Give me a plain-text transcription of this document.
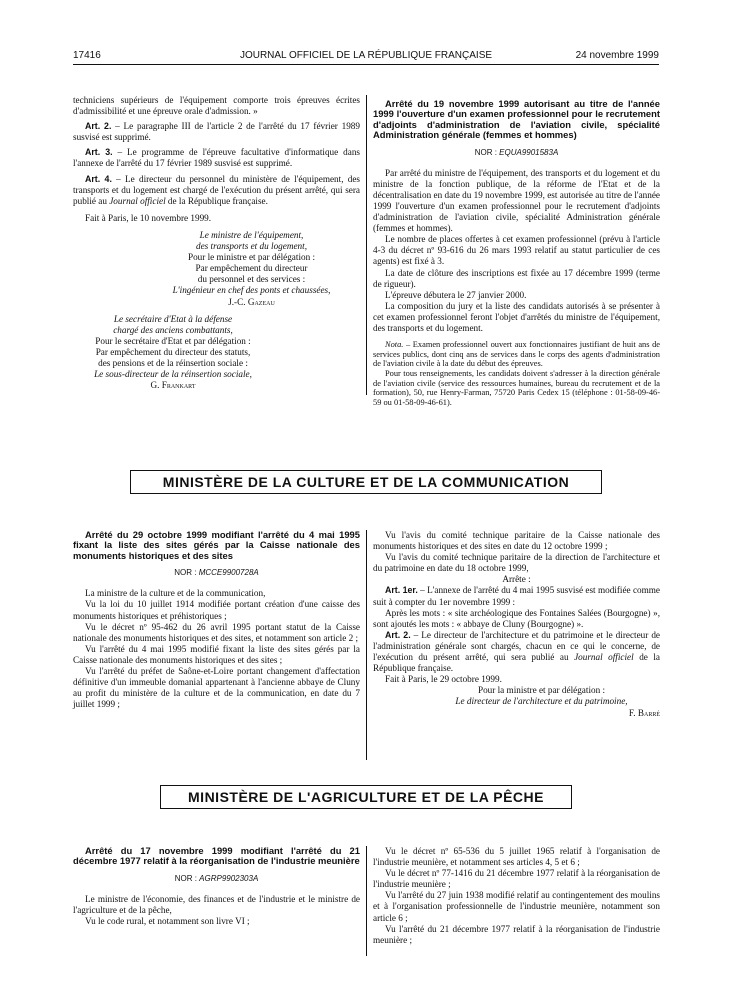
17416	JOURNAL OFFICIEL DE LA RÉPUBLIQUE FRANÇAISE	24 novembre 1999

techniciens supérieurs de l'équipement comporte trois épreuves écrites d'admissibilité et une épreuve orale d'admission. »

Art. 2. – Le paragraphe III de l'article 2 de l'arrêté du 17 février 1989 susvisé est supprimé.

Art. 3. – Le programme de l'épreuve facultative d'informatique dans l'annexe de l'arrêté du 17 février 1989 susvisé est supprimé.

Art. 4. – Le directeur du personnel du ministère de l'équipement, des transports et du logement est chargé de l'exécution du présent arrêté, qui sera publié au Journal officiel de la République française.

Fait à Paris, le 10 novembre 1999.

Le ministre de l'équipement,

des transports et du logement,

Pour le ministre et par délégation :

Par empêchement du directeur

du personnel et des services :

L'ingénieur en chef des ponts et chaussées,

J.-C. Gazeau

Le secrétaire d'Etat à la défense

chargé des anciens combattants,

Pour le secrétaire d'Etat et par délégation :

Par empêchement du directeur des statuts,

des pensions et de la réinsertion sociale :

Le sous-directeur de la réinsertion sociale,

G. Frankart

Arrêté du 19 novembre 1999 autorisant au titre de l'année 1999 l'ouverture d'un examen professionnel pour le recrutement d'adjoints d'administration de l'aviation civile, spécialité Administration générale (femmes et hommes)

NOR : EQUA9901583A

Par arrêté du ministre de l'équipement, des transports et du logement et du ministre de la fonction publique, de la réforme de l'Etat et de la décentralisation en date du 19 novembre 1999, est autorisée au titre de l'année 1999 l'ouverture d'un examen professionnel pour le recrutement d'adjoints d'administration de l'aviation civile, spécialité Administration générale (femmes et hommes).

Le nombre de places offertes à cet examen professionnel (prévu à l'article 4-3 du décret nº 93-616 du 26 mars 1993 relatif au statut particulier de ces agents) est fixé à 3.

La date de clôture des inscriptions est fixée au 17 décembre 1999 (terme de rigueur).

L'épreuve débutera le 27 janvier 2000.

La composition du jury et la liste des candidats autorisés à se présenter à cet examen professionnel feront l'objet d'arrêtés du ministre de l'équipement, des transports et du logement.

Nota. – Examen professionnel ouvert aux fonctionnaires justifiant de huit ans de services publics, dont cinq ans de services dans le corps des agents d'administration de l'aviation civile à la date du début des épreuves.

Pour tous renseignements, les candidats doivent s'adresser à la direction générale de l'aviation civile (service des ressources humaines, bureau du recrutement et de la formation), 50, rue Henry-Farman, 75720 Paris Cedex 15 (téléphone : 01-58-09-46-59 ou 01-58-09-46-61).

MINISTÈRE DE LA CULTURE ET DE LA COMMUNICATION

Arrêté du 29 octobre 1999 modifiant l'arrêté du 4 mai 1995 fixant la liste des sites gérés par la Caisse nationale des monuments historiques et des sites

NOR : MCCE9900728A

La ministre de la culture et de la communication,

Vu la loi du 10 juillet 1914 modifiée portant création d'une caisse des monuments historiques et préhistoriques ;

Vu le décret nº 95-462 du 26 avril 1995 portant statut de la Caisse nationale des monuments historiques et des sites, et notamment son article 2 ;

Vu l'arrêté du 4 mai 1995 modifié fixant la liste des sites gérés par la Caisse nationale des monuments historiques et des sites ;

Vu l'arrêté du préfet de Saône-et-Loire portant changement d'affectation définitive d'un immeuble domanial appartenant à l'ancienne abbaye de Cluny au profit du ministère de la culture et de la communication, en date du 7 juillet 1999 ;

Vu l'avis du comité technique paritaire de la Caisse nationale des monuments historiques et des sites en date du 12 octobre 1999 ;

Vu l'avis du comité technique paritaire de la direction de l'architecture et du patrimoine en date du 18 octobre 1999,

Arrête :

Art. 1er. – L'annexe de l'arrêté du 4 mai 1995 susvisé est modifiée comme suit à compter du 1er novembre 1999 :

Après les mots : « site archéologique des Fontaines Salées (Bourgogne) », sont ajoutés les mots : « abbaye de Cluny (Bourgogne) ».

Art. 2. – Le directeur de l'architecture et du patrimoine et le directeur de l'administration générale sont chargés, chacun en ce qui le concerne, de l'exécution du présent arrêté, qui sera publié au Journal officiel de la République française.

Fait à Paris, le 29 octobre 1999.

Pour la ministre et par délégation :

Le directeur de l'architecture et du patrimoine,

F. Barré

MINISTÈRE DE L'AGRICULTURE ET DE LA PÊCHE

Arrêté du 17 novembre 1999 modifiant l'arrêté du 21 décembre 1977 relatif à la réorganisation de l'industrie meunière

NOR : AGRP9902303A

Le ministre de l'économie, des finances et de l'industrie et le ministre de l'agriculture et de la pêche,

Vu le code rural, et notamment son livre VI ;

Vu le décret nº 65-536 du 5 juillet 1965 relatif à l'organisation de l'industrie meunière, et notamment ses articles 4, 5 et 6 ;

Vu le décret nº 77-1416 du 21 décembre 1977 relatif à la réorganisation de l'industrie meunière ;

Vu l'arrêté du 27 juin 1938 modifié relatif au contingentement des moulins et à l'organisation professionnelle de l'industrie meunière, notamment son article 6 ;

Vu l'arrêté du 21 décembre 1977 relatif à la réorganisation de l'industrie meunière ;
